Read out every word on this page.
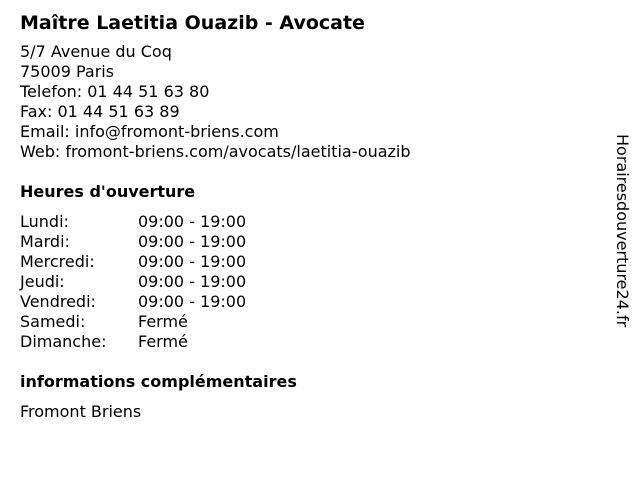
Maître Laetitia Ouazib - Avocate
5/7 Avenue du Coq
75009 Paris
Telefon: 01 44 51 63 80
Fax: 01 44 51 63 89
Email: info@fromont-briens.com
Web: fromont-briens.com/avocats/laetitia-ouazib
Heures d'ouverture
Lundi:	09:00 - 19:00
Mardi:	09:00 - 19:00
Mercredi:	09:00 - 19:00
Jeudi:	09:00 - 19:00
Vendredi:	09:00 - 19:00
Samedi:	Fermé
Dimanche:	Fermé
informations complémentaires
Fromont Briens
Horairesdouverture24.fr
